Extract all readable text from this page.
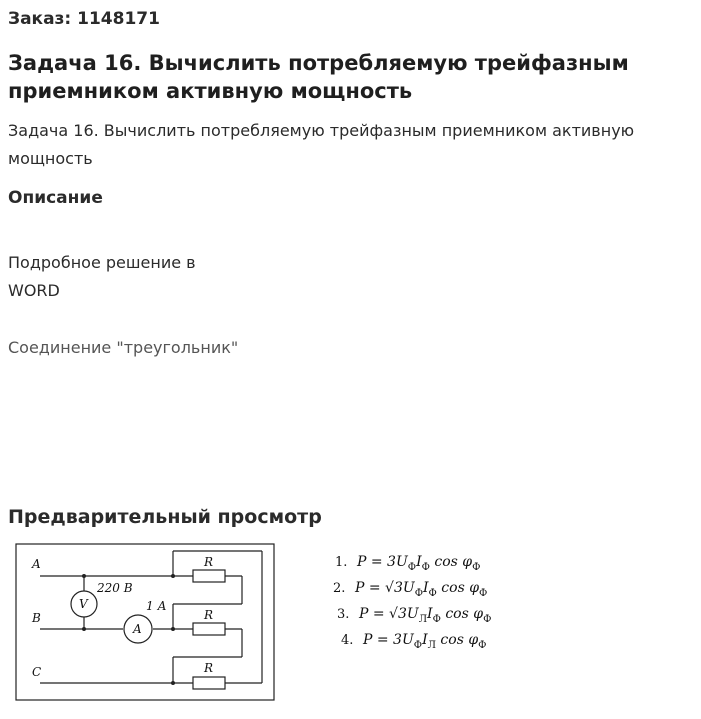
Заказ: 1148171
Задача 16. Вычислить потребляемую трейфазным приемником активную мощность
Задача 16. Вычислить потребляемую трейфазным приемником активную мощность
Описание
Подробное решение в
WORD
Соединение "треугольник"
Предварительный просмотр
A
B
C
V
220 В
A
1 А
R
R
R
1. $P = 3U_ФI_Ф$ $\cos \varphi_Ф$
2. $P = √3U_ФI_Ф$ $\cos \varphi_Ф$
3. $P = √3U_ЛI_Ф$ $\cos \varphi_Ф$
4. $P = 3U_ФI_Л$ $\cos \varphi_Ф$
